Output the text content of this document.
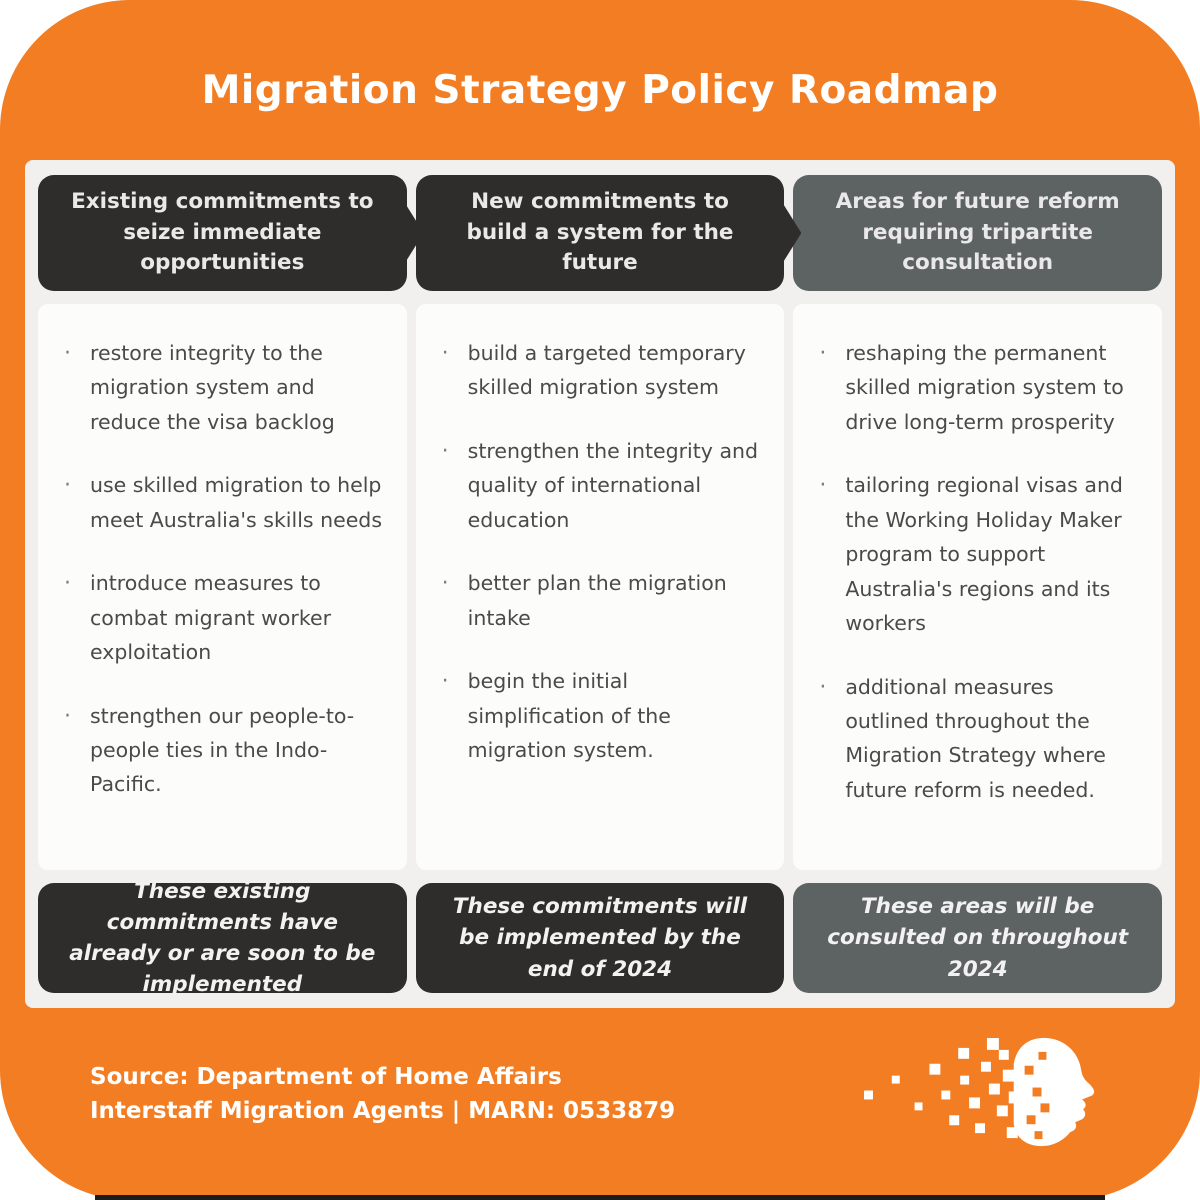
Migration Strategy Policy Roadmap
Existing commitments to seize immediate opportunities
New commitments to build a system for the future
Areas for future reform requiring tripartite consultation
· restore integrity to the migration system and reduce the visa backlog
· use skilled migration to help meet Australia's skills needs
· introduce measures to combat migrant worker exploitation
· strengthen our people-to-people ties in the Indo-Pacific.
· build a targeted temporary skilled migration system
· strengthen the integrity and quality of international education
· better plan the migration intake
· begin the initial simplification of the migration system.
· reshaping the permanent skilled migration system to drive long-term prosperity
· tailoring regional visas and the Working Holiday Maker program to support Australia's regions and its workers
· additional measures outlined throughout the Migration Strategy where future reform is needed.
These existing commitments have already or are soon to be implemented
These commitments will be implemented by the end of 2024
These areas will be consulted on throughout 2024
Source: Department of Home Affairs
Interstaff Migration Agents | MARN: 0533879
